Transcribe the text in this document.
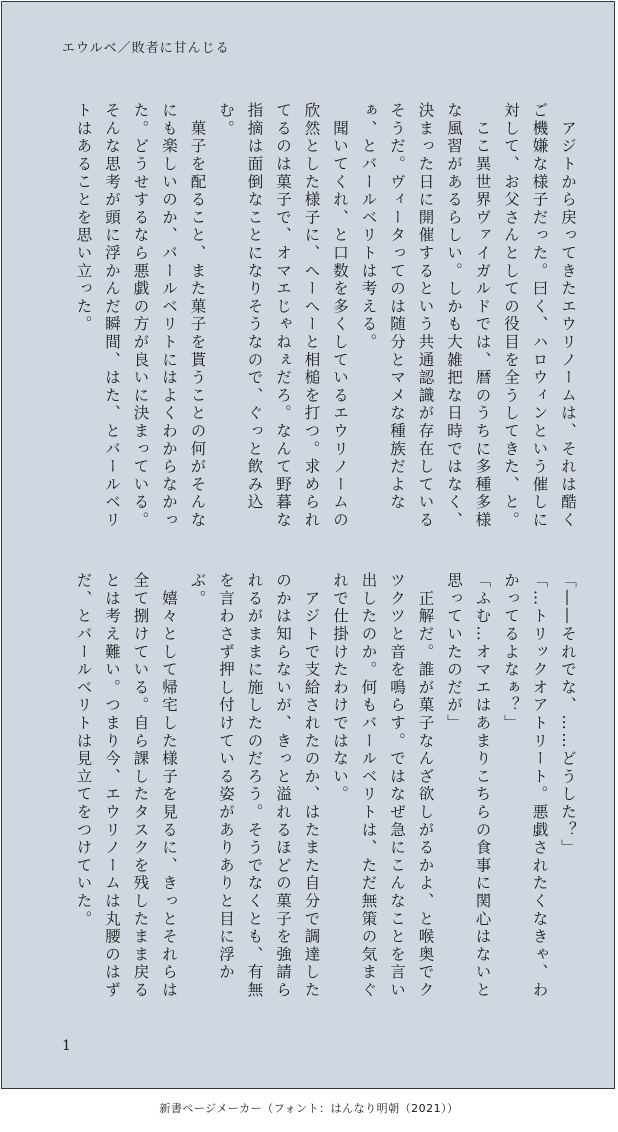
エウルベ／敗者に甘んじる

　アジトから戻ってきたエウリノームは、それは酷くご機嫌な様子だった。曰く、ハロウィンという催しに対して、お父さんとしての役目を全うしてきた、と。

　ここ異世界ヴァイガルドでは、暦のうちに多種多様な風習があるらしい。しかも大雑把な日時ではなく、決まった日に開催するという共通認識が存在しているそうだ。ヴィータってのは随分とマメな種族だよなぁ、とバールベリトは考える。

　聞いてくれ、と口数を多くしているエウリノームの欣然とした様子に、へーへーと相槌を打つ。求められてるのは菓子で、オマエじゃねぇだろ。なんて野暮な指摘は面倒なことになりそうなので、ぐっと飲み込む。

　菓子を配ること、また菓子を貰うことの何がそんなにも楽しいのか、バールベリトにはよくわからなかった。どうせするなら悪戯の方が良いに決まっている。そんな思考が頭に浮かんだ瞬間、はた、とバールベリトはあることを思い立った。

「――それでな、……どうした？」

「…トリックオアトリート。悪戯されたくなきゃ、わかってるよなぁ？」

「ふむ…オマエはあまりこちらの食事に関心はないと思っていたのだが」

　正解だ。誰が菓子なんざ欲しがるかよ、と喉奥でクツクツと音を鳴らす。ではなぜ急にこんなことを言い出したのか。何もバールベリトは、ただ無策の気まぐれで仕掛けたわけではない。

　アジトで支給されたのか、はたまた自分で調達したのかは知らないが、きっと溢れるほどの菓子を強請られるがままに施したのだろう。そうでなくとも、有無を言わさず押し付けている姿がありありと目に浮かぶ。

　嬉々として帰宅した様子を見るに、きっとそれらは全て捌けている。自ら課したタスクを残したまま戻るとは考え難い。つまり今、エウリノームは丸腰のはずだ、とバールベリトは見立てをつけていた。

1
新書ページメーカー（フォント：はんなり明朝（2021））
